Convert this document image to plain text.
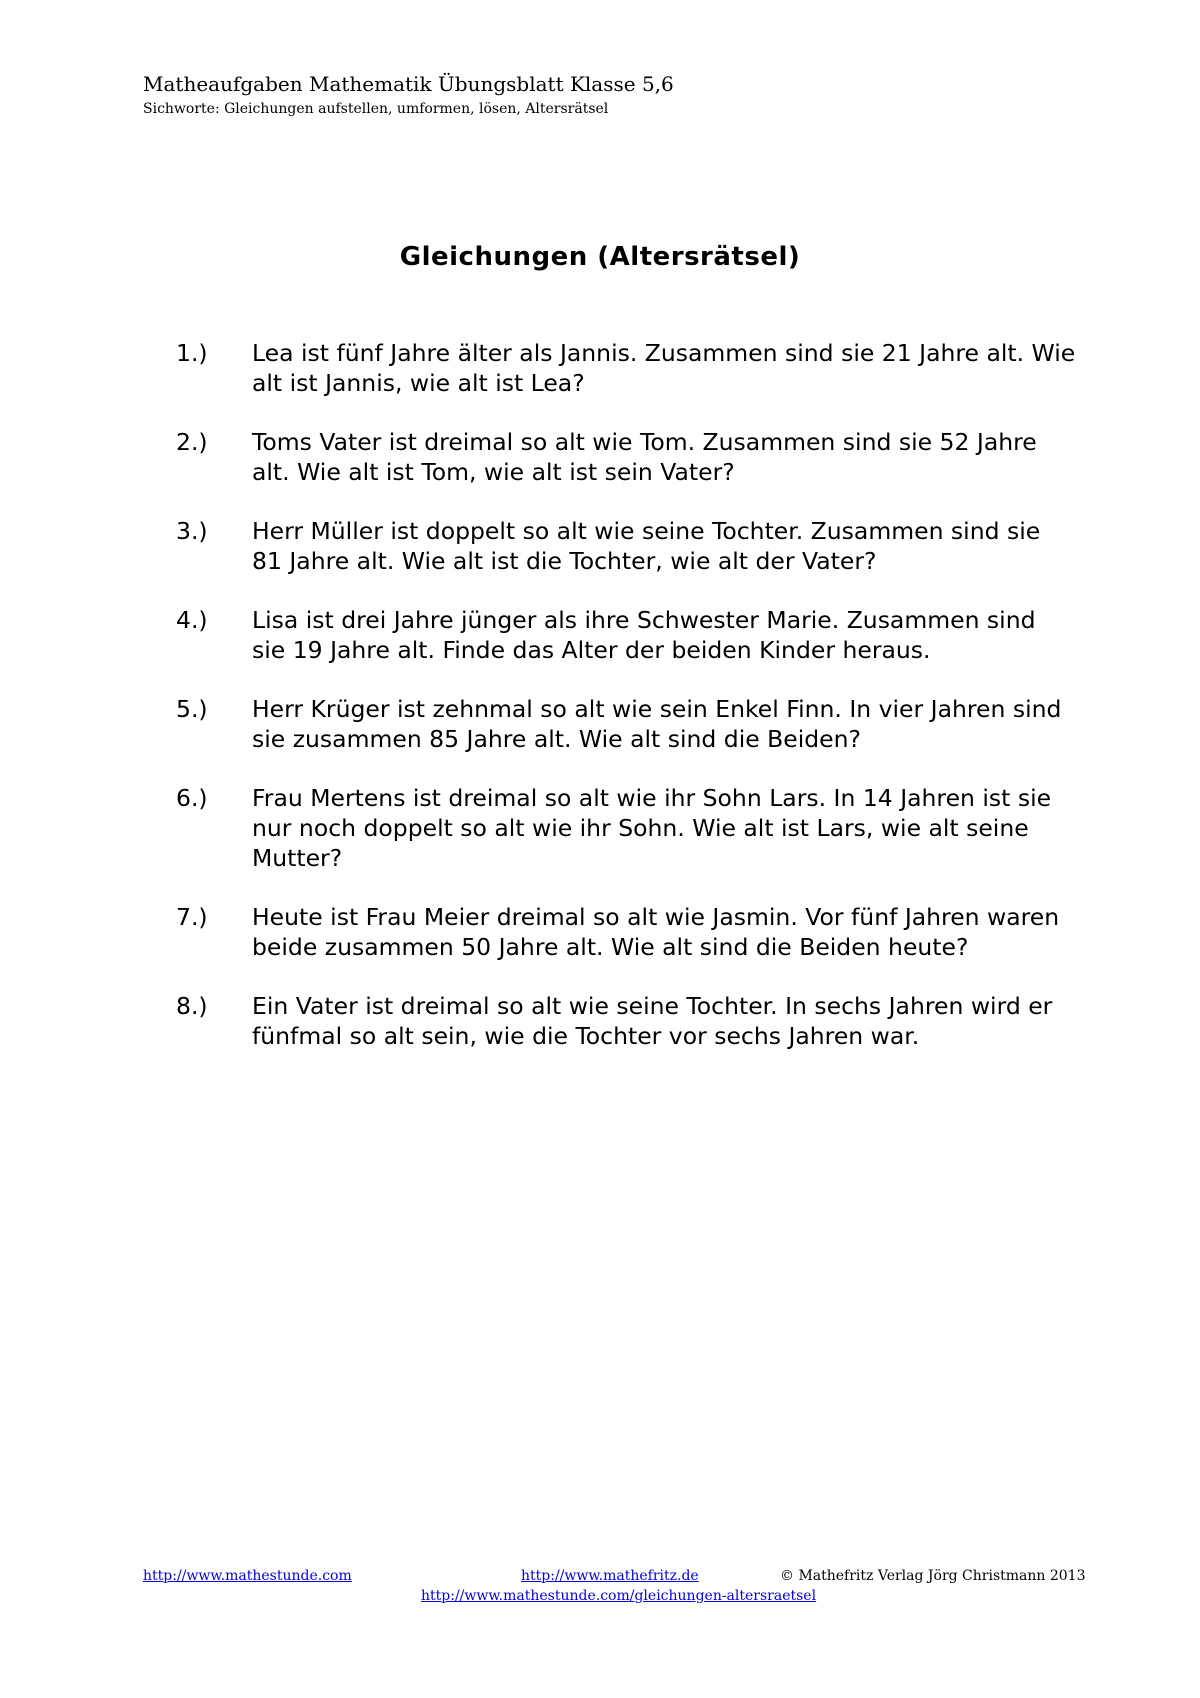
Matheaufgaben Mathematik Übungsblatt Klasse 5,6
Sichworte: Gleichungen aufstellen, umformen, lösen, Altersrätsel
Gleichungen (Altersrätsel)
1.)	Lea ist fünf Jahre älter als Jannis. Zusammen sind sie 21 Jahre alt. Wie alt ist Jannis, wie alt ist Lea?
2.)	Toms Vater ist dreimal so alt wie Tom. Zusammen sind sie 52 Jahre alt. Wie alt ist Tom, wie alt ist sein Vater?
3.)	Herr Müller ist doppelt so alt wie seine Tochter. Zusammen sind sie 81 Jahre alt. Wie alt ist die Tochter, wie alt der Vater?
4.)	Lisa ist drei Jahre jünger als ihre Schwester Marie. Zusammen sind sie 19 Jahre alt. Finde das Alter der beiden Kinder heraus.
5.)	Herr Krüger ist zehnmal so alt wie sein Enkel Finn. In vier Jahren sind sie zusammen 85 Jahre alt. Wie alt sind die Beiden?
6.)	Frau Mertens ist dreimal so alt wie ihr Sohn Lars. In 14 Jahren ist sie nur noch doppelt so alt wie ihr Sohn. Wie alt ist Lars, wie alt seine Mutter?
7.)	Heute ist Frau Meier dreimal so alt wie Jasmin. Vor fünf Jahren waren beide zusammen 50 Jahre alt. Wie alt sind die Beiden heute?
8.)	Ein Vater ist dreimal so alt wie seine Tochter. In sechs Jahren wird er fünfmal so alt sein, wie die Tochter vor sechs Jahren war.
http://www.mathestunde.com	http://www.mathefritz.de	© Mathefritz Verlag Jörg Christmann 2013
http://www.mathestunde.com/gleichungen-altersraetsel
